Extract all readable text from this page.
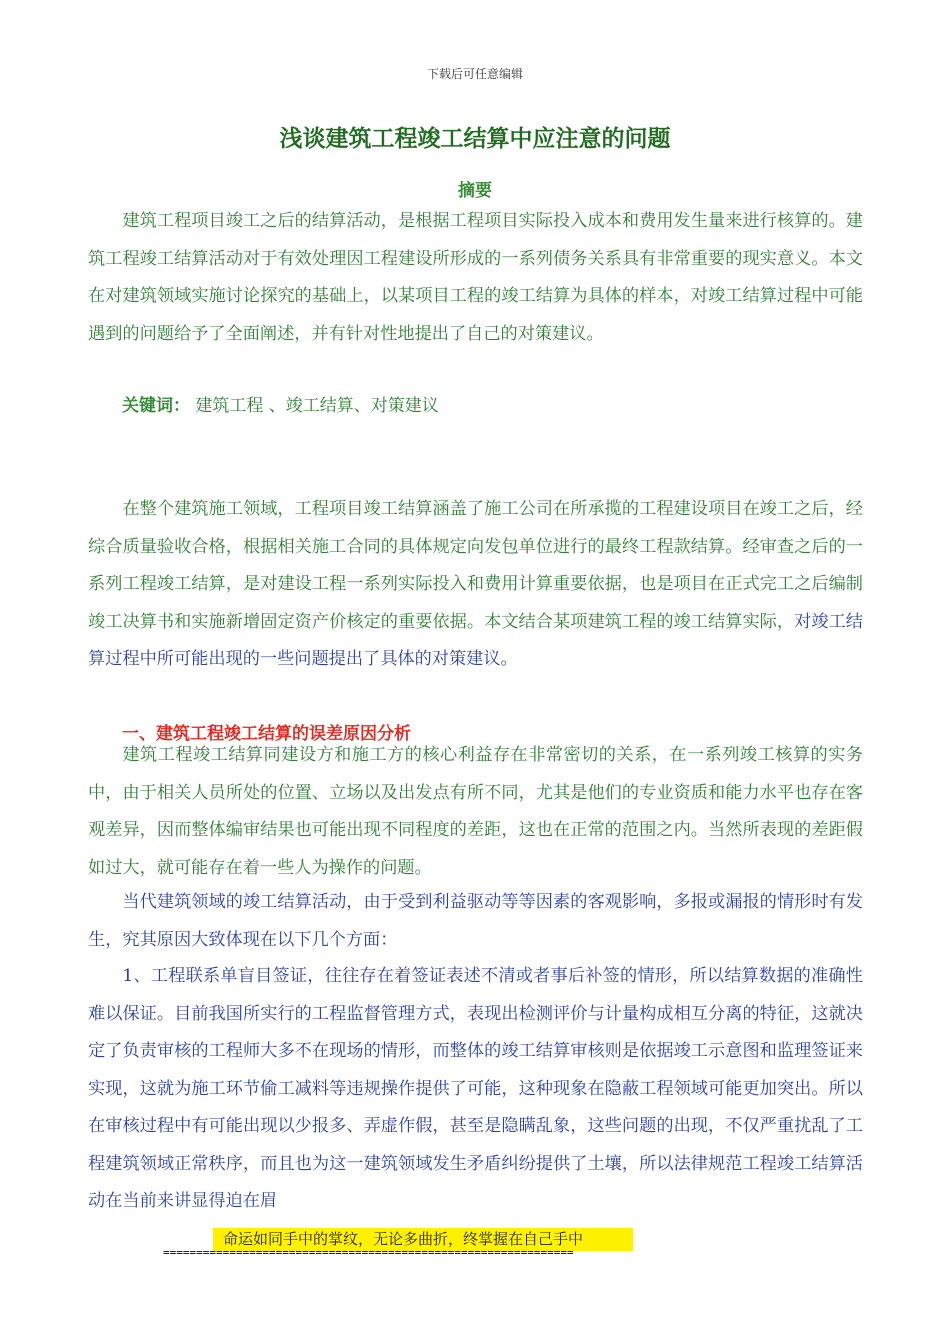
下载后可任意编辑
浅谈建筑工程竣工结算中应注意的问题
摘要

建筑工程项目竣工之后的结算活动，是根据工程项目实际投入成本和费用发生量来进行核算的。建筑工程竣工结算活动对于有效处理因工程建设所形成的一系列债务关系具有非常重要的现实意义。本文在对建筑领域实施讨论探究的基础上，以某项目工程的竣工结算为具体的样本，对竣工结算过程中可能遇到的问题给予了全面阐述，并有针对性地提出了自己的对策建议。

关键词： 建筑工程 、竣工结算、对策建议

在整个建筑施工领域，工程项目竣工结算涵盖了施工公司在所承揽的工程建设项目在竣工之后，经综合质量验收合格，根据相关施工合同的具体规定向发包单位进行的最终工程款结算。经审查之后的一系列工程竣工结算，是对建设工程一系列实际投入和费用计算重要依据，也是项目在正式完工之后编制竣工决算书和实施新增固定资产价核定的重要依据。本文结合某项建筑工程的竣工结算实际，对竣工结算过程中所可能出现的一些问题提出了具体的对策建议。

一、建筑工程竣工结算的误差原因分析

建筑工程竣工结算同建设方和施工方的核心利益存在非常密切的关系，在一系列竣工核算的实务中，由于相关人员所处的位置、立场以及出发点有所不同，尤其是他们的专业资质和能力水平也存在客观差异，因而整体编审结果也可能出现不同程度的差距，这也在正常的范围之内。当然所表现的差距假如过大，就可能存在着一些人为操作的问题。

当代建筑领域的竣工结算活动，由于受到利益驱动等等因素的客观影响，多报或漏报的情形时有发生，究其原因大致体现在以下几个方面：

1、工程联系单盲目签证，往往存在着签证表述不清或者事后补签的情形，所以结算数据的准确性难以保证。目前我国所实行的工程监督管理方式，表现出检测评价与计量构成相互分离的特征，这就决定了负责审核的工程师大多不在现场的情形，而整体的竣工结算审核则是依据竣工示意图和监理签证来实现，这就为施工环节偷工减料等违规操作提供了可能，这种现象在隐蔽工程领域可能更加突出。所以在审核过程中有可能出现以少报多、弄虚作假，甚至是隐瞒乱象，这些问题的出现，不仅严重扰乱了工程建筑领域正常秩序，而且也为这一建筑领域发生矛盾纠纷提供了土壤，所以法律规范工程竣工结算活动在当前来讲显得迫在眉

命运如同手中的掌纹，无论多曲折，终掌握在自己手中
==============================================================
